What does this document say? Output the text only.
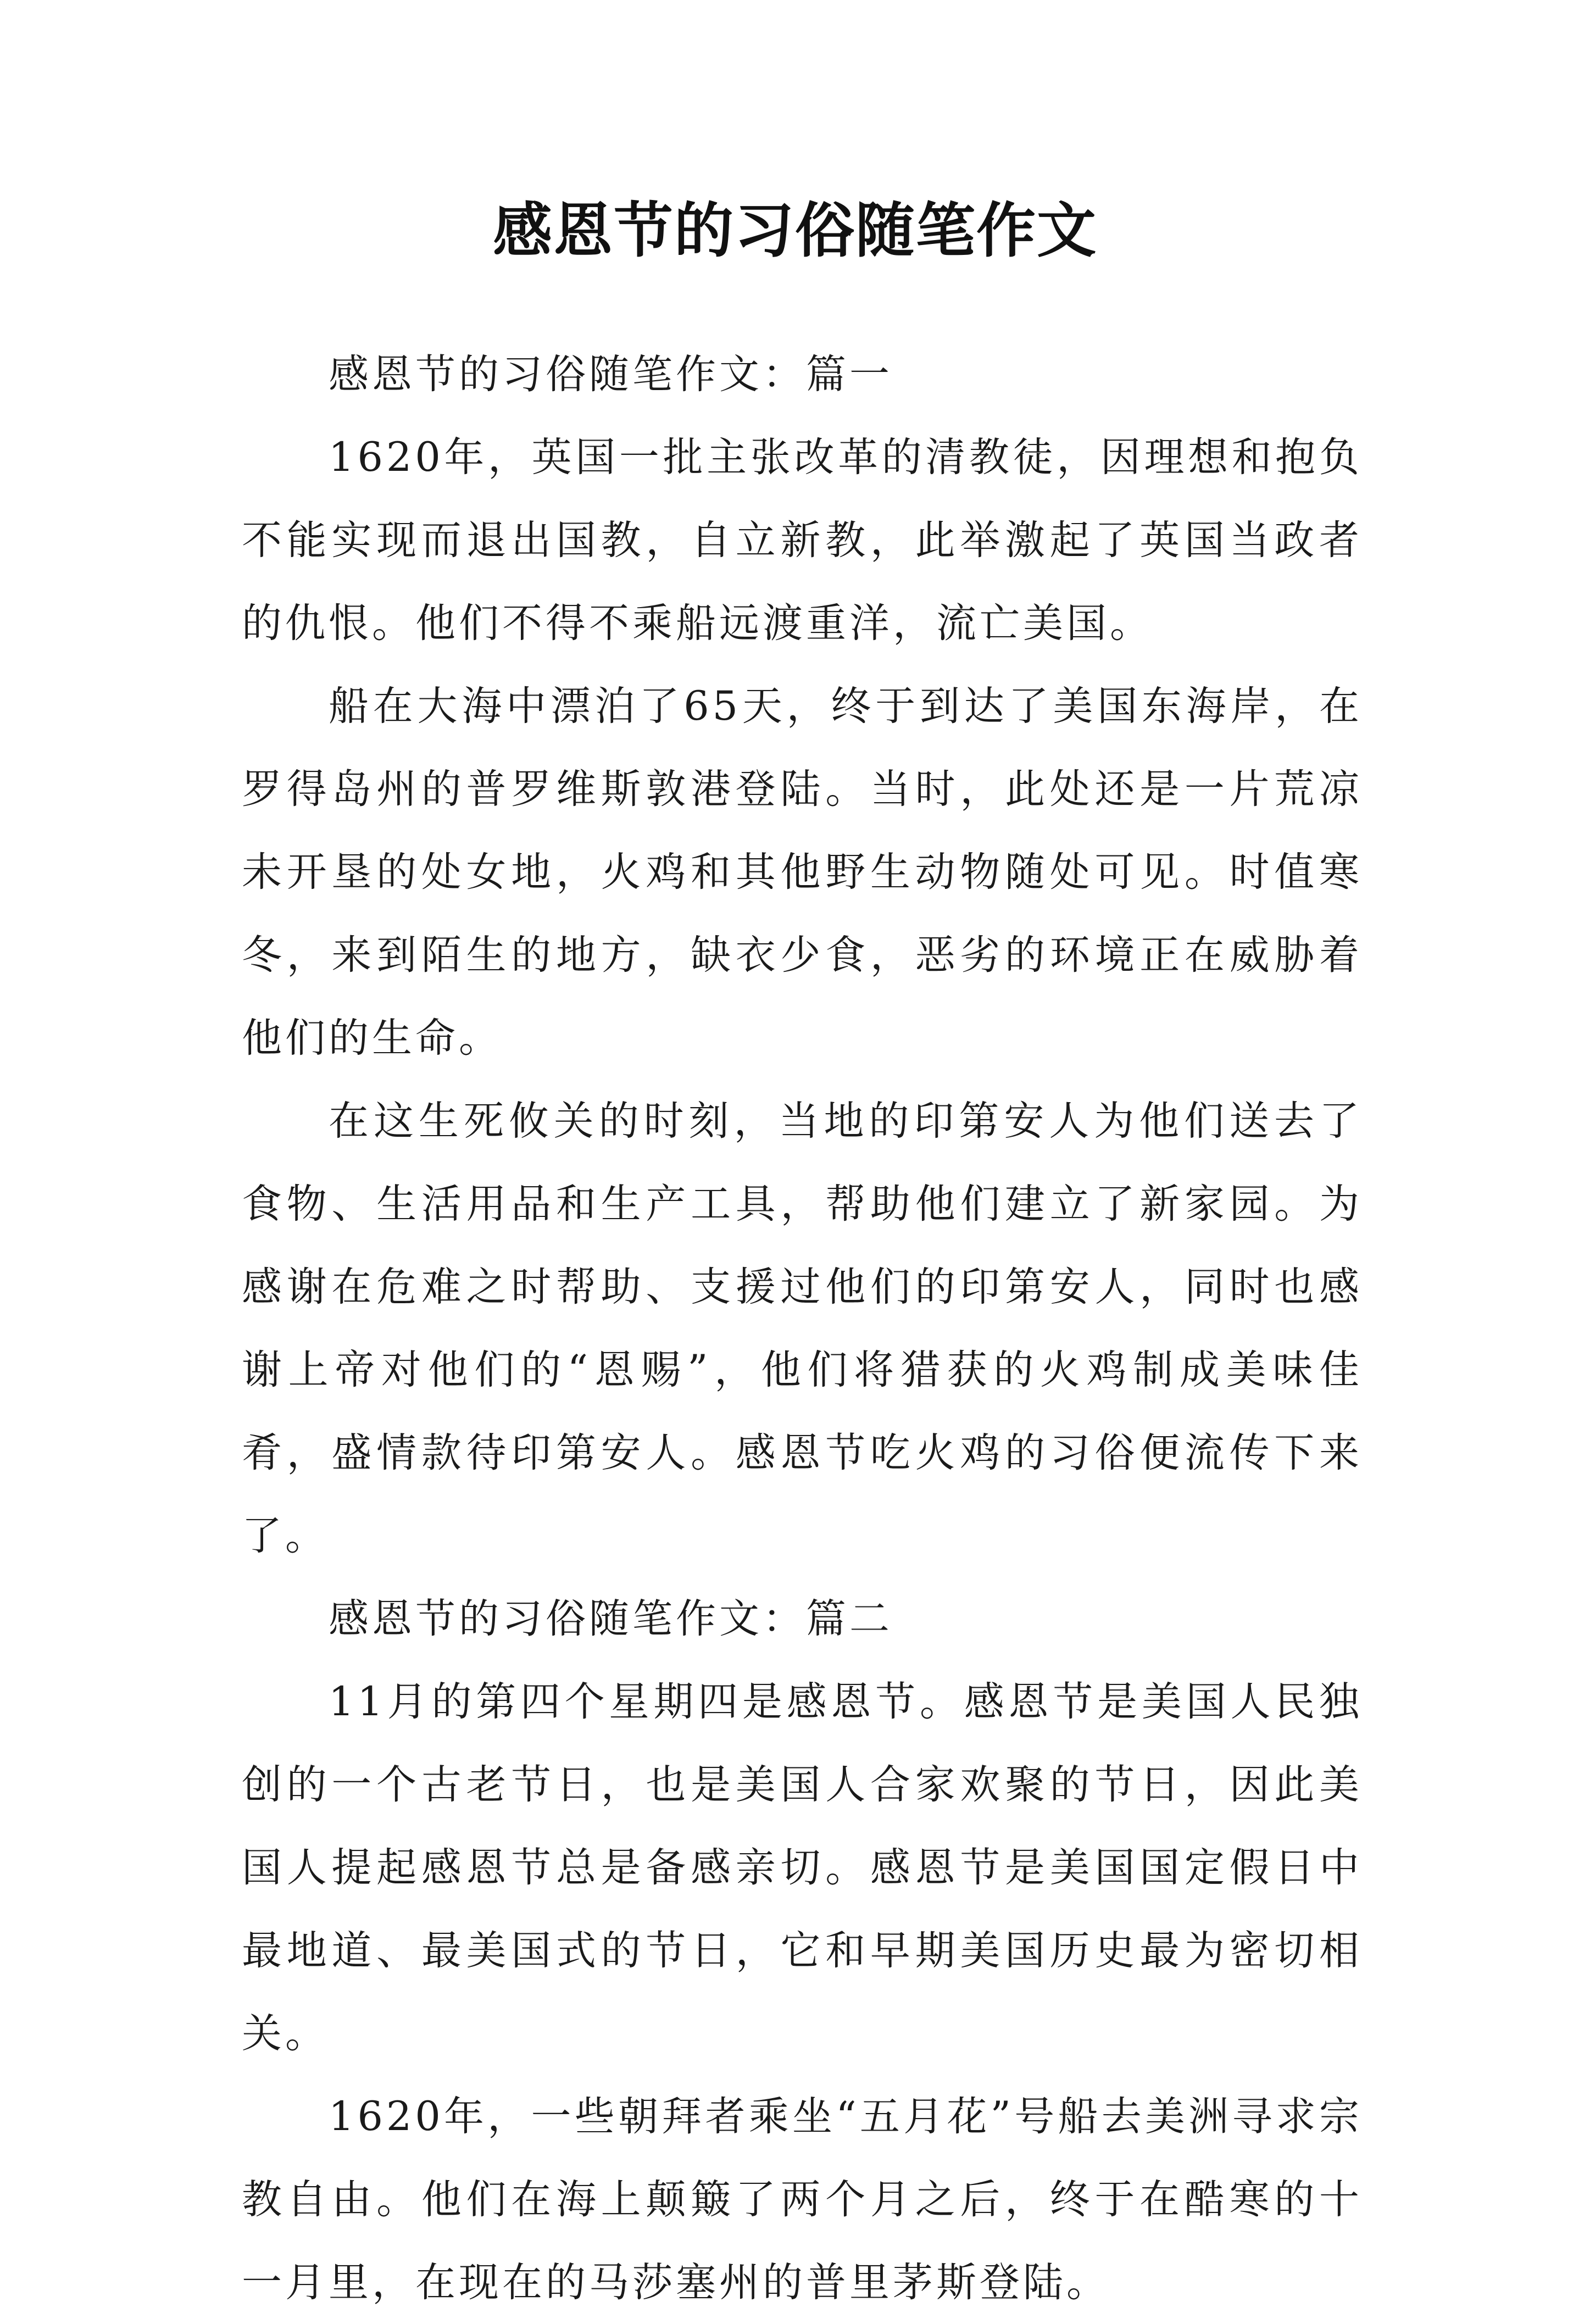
感恩节的习俗随笔作文

感恩节的习俗随笔作文：篇一

1620年，英国一批主张改革的清教徒，因理想和抱负不能实现而退出国教，自立新教，此举激起了英国当政者的仇恨。他们不得不乘船远渡重洋，流亡美国。

船在大海中漂泊了65天，终于到达了美国东海岸，在罗得岛州的普罗维斯敦港登陆。当时，此处还是一片荒凉未开垦的处女地，火鸡和其他野生动物随处可见。时值寒冬，来到陌生的地方，缺衣少食，恶劣的环境正在威胁着他们的生命。

在这生死攸关的时刻，当地的印第安人为他们送去了食物、生活用品和生产工具，帮助他们建立了新家园。为感谢在危难之时帮助、支援过他们的印第安人，同时也感谢上帝对他们的“恩赐”，他们将猎获的火鸡制成美味佳肴，盛情款待印第安人。感恩节吃火鸡的习俗便流传下来了。

感恩节的习俗随笔作文：篇二

11月的第四个星期四是感恩节。感恩节是美国人民独创的一个古老节日，也是美国人合家欢聚的节日，因此美国人提起感恩节总是备感亲切。感恩节是美国国定假日中最地道、最美国式的节日，它和早期美国历史最为密切相关。

1620年，一些朝拜者乘坐“五月花”号船去美洲寻求宗教自由。他们在海上颠簸了两个月之后，终于在酷寒的十一月里，在现在的马莎塞州的普里茅斯登陆。
